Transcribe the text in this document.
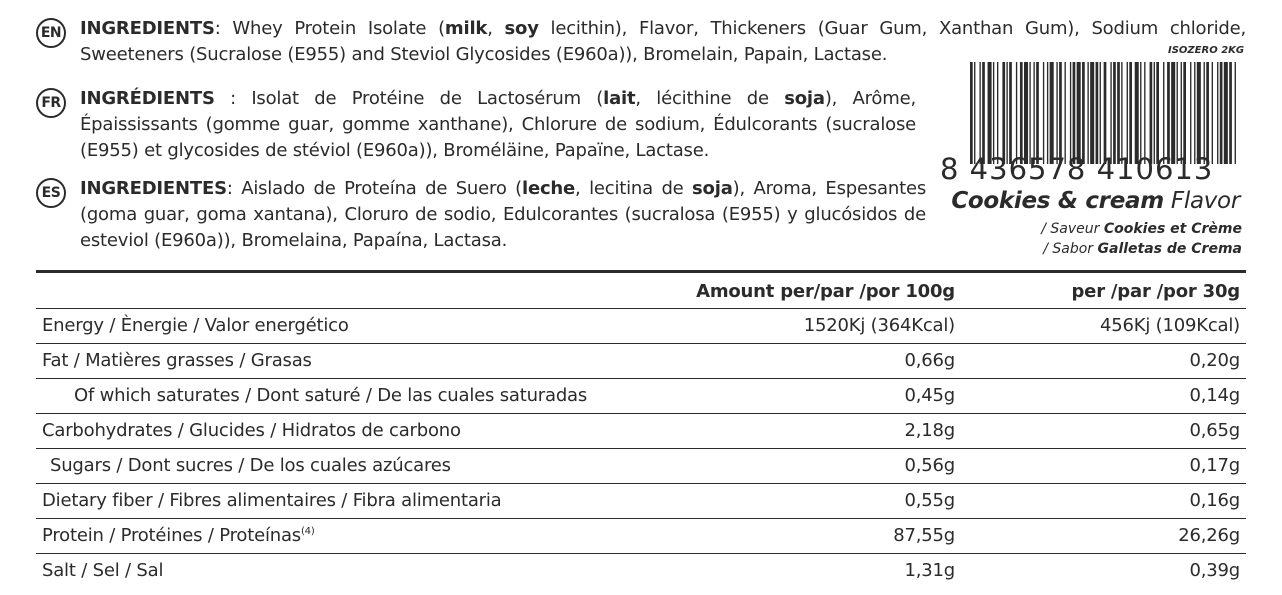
EN INGREDIENTS: Whey Protein Isolate (milk, soy lecithin), Flavor, Thickeners (Guar Gum, Xanthan Gum), Sodium chloride, Sweeteners (Sucralose (E955) and Steviol Glycosides (E960a)), Bromelain, Papain, Lactase.
FR INGRÉDIENTS : Isolat de Protéine de Lactosérum (lait, lécithine de soja), Arôme, Épaississants (gomme guar, gomme xanthane), Chlorure de sodium, Édulcorants (sucralose (E955) et glycosides de stéviol (E960a)), Broméläine, Papaïne, Lactase.
ES	INGREDIENTES: Aislado de Proteína de Suero (leche, lecitina de soja), Aroma, Espesantes (goma guar, goma xantana), Cloruro de sodio, Edulcorantes (sucralosa (E955) y glucósidos de esteviol (E960a)), Bromelaina, Papaína, Lactasa.
ISOZERO 2KG
8 436578 410613
Cookies & cream Flavor
/ Saveur Cookies et Crème
/ Sabor Galletas de Crema
	Amount per/par /por 100g	per /par /por 30g
Energy / Ènergie / Valor energético	1520Kj (364Kcal)	456Kj (109Kcal)
Fat / Matières grasses / Grasas	0,66g	0,20g
Of which saturates / Dont saturé / De las cuales saturadas	0,45g	0,14g
Carbohydrates / Glucides / Hidratos de carbono	2,18g	0,65g
Sugars / Dont sucres / De los cuales azúcares	0,56g	0,17g
Dietary fiber / Fibres alimentaires / Fibra alimentaria	0,55g	0,16g
Protein / Protéines / Proteínas$^{(4)}$	87,55g	26,26g
Salt / Sel / Sal	1,31g	0,39g
